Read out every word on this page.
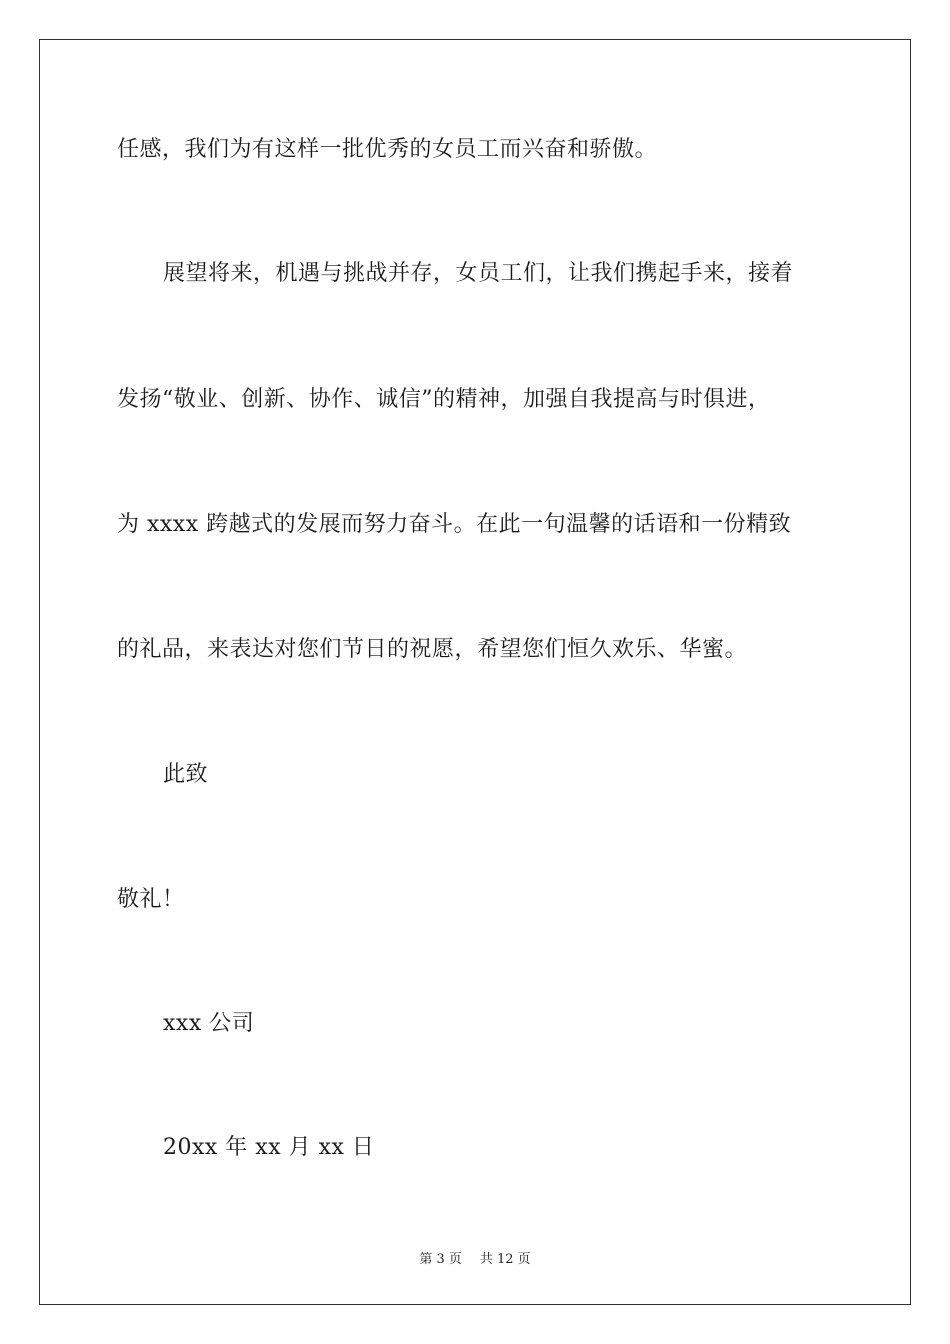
任感，我们为有这样一批优秀的女员工而兴奋和骄傲。
展望将来，机遇与挑战并存，女员工们，让我们携起手来，接着
发扬“敬业、创新、协作、诚信”的精神，加强自我提高与时俱进，
为 xxxx 跨越式的发展而努力奋斗。在此一句温馨的话语和一份精致
的礼品，来表达对您们节日的祝愿，希望您们恒久欢乐、华蜜。
此致
敬礼！
xxx 公司
20xx 年 xx 月 xx 日
第 3 页 共 12 页
